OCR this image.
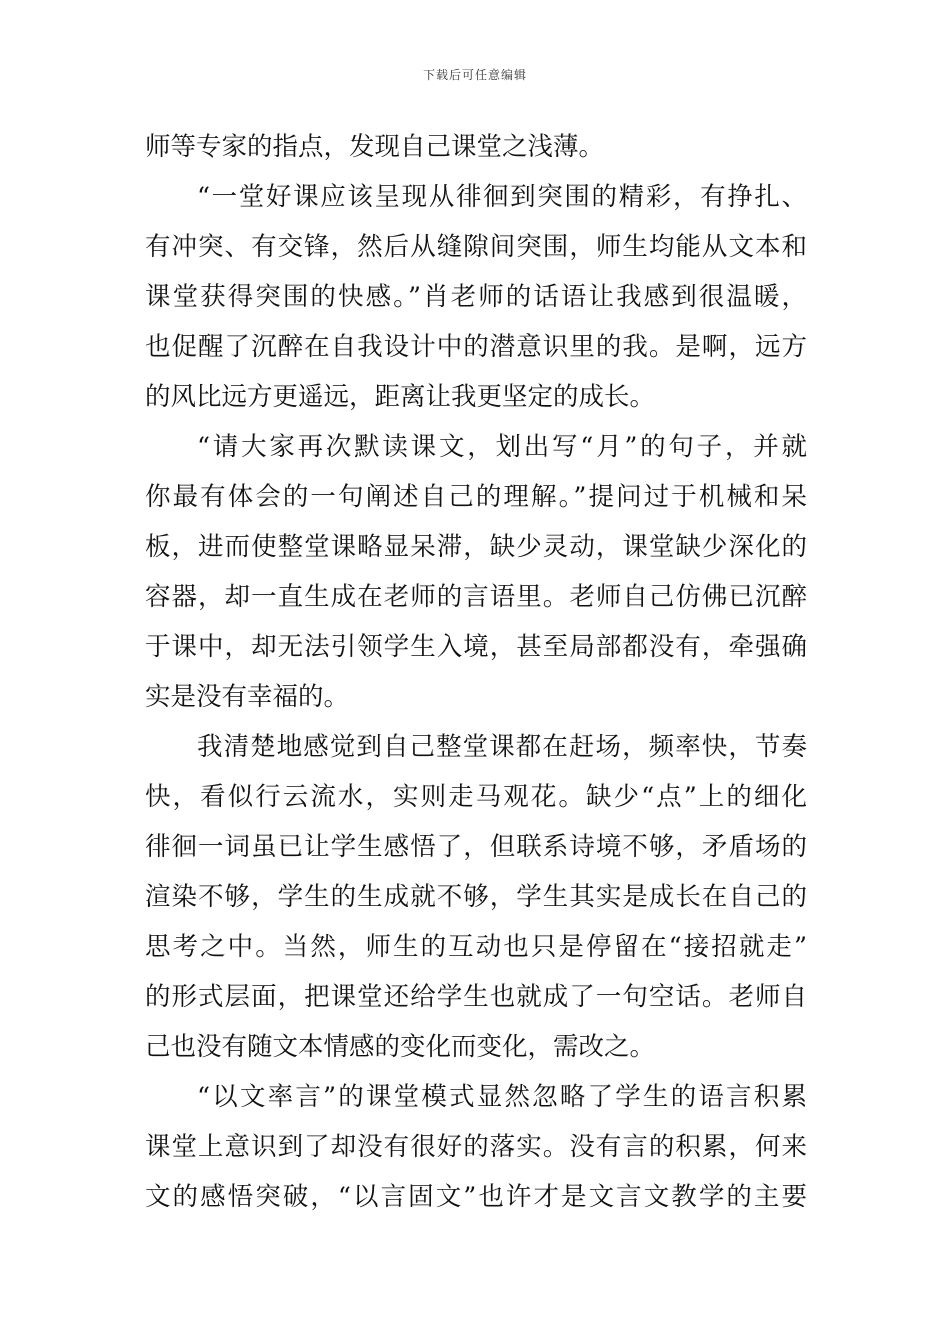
下载后可任意编辑
师等专家的指点，发现自己课堂之浅薄。
“一堂好课应该呈现从徘徊到突围的精彩，有挣扎、
有冲突、有交锋，然后从缝隙间突围，师生均能从文本和
课堂获得突围的快感。”肖老师的话语让我感到很温暖，
也促醒了沉醉在自我设计中的潜意识里的我。是啊，远方
的风比远方更遥远，距离让我更坚定的成长。
“请大家再次默读课文，划出写“月”的句子，并就
你最有体会的一句阐述自己的理解。”提问过于机械和呆
板，进而使整堂课略显呆滞，缺少灵动，课堂缺少深化的
容器，却一直生成在老师的言语里。老师自己仿佛已沉醉
于课中，却无法引领学生入境，甚至局部都没有，牵强确
实是没有幸福的。
我清楚地感觉到自己整堂课都在赶场，频率快，节奏
快，看似行云流水，实则走马观花。缺少“点”上的细化
徘徊一词虽已让学生感悟了，但联系诗境不够，矛盾场的
渲染不够，学生的生成就不够，学生其实是成长在自己的
思考之中。当然，师生的互动也只是停留在“接招就走”
的形式层面，把课堂还给学生也就成了一句空话。老师自
己也没有随文本情感的变化而变化，需改之。
“以文率言”的课堂模式显然忽略了学生的语言积累
课堂上意识到了却没有很好的落实。没有言的积累，何来
文的感悟突破，“以言固文”也许才是文言文教学的主要
